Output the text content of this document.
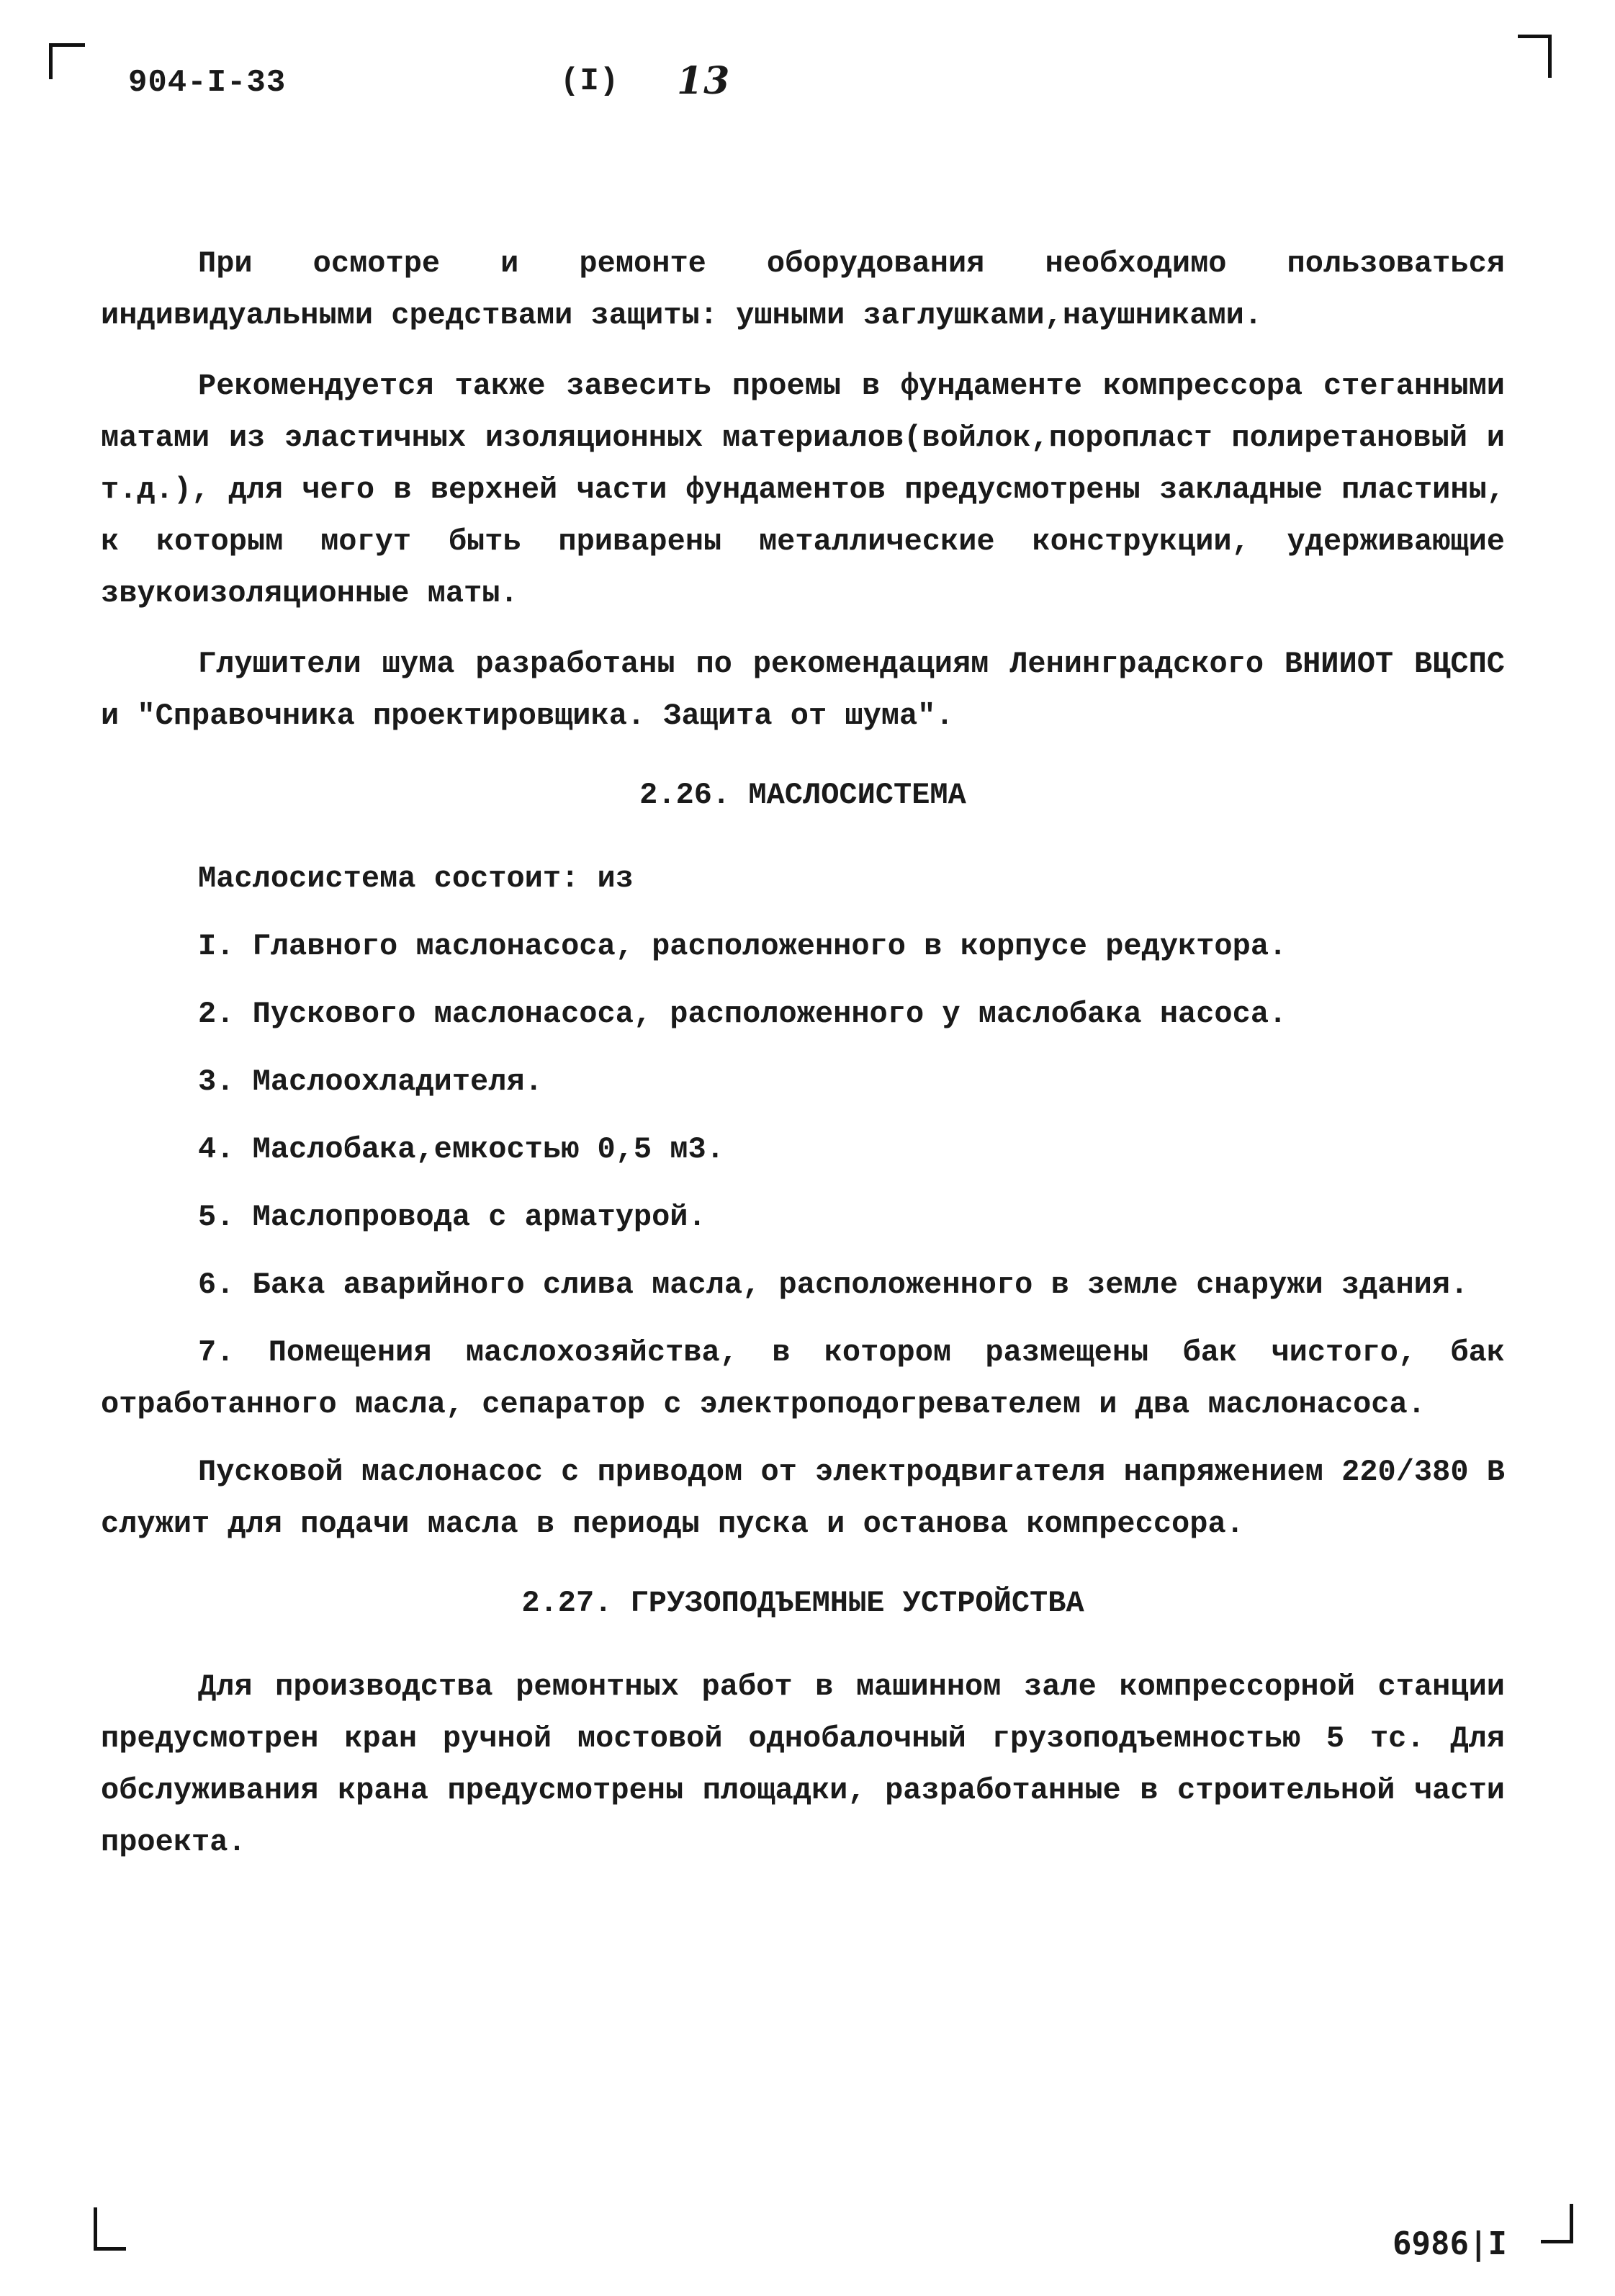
904-I-33	(I) 13

При осмотре и ремонте оборудования необходимо пользоваться индивидуальными средствами защиты: ушными заглушками,наушниками.

Рекомендуется также завесить проемы в фундаменте компрессора стеганными матами из эластичных изоляционных материалов(войлок,поропласт полиретановый и т.д.), для чего в верхней части фундаментов предусмотрены закладные пластины, к которым могут быть приварены металлические конструкции, удерживающие звукоизоляционные маты.

Глушители шума разработаны по рекомендациям Ленинградского ВНИИОТ ВЦСПС и "Справочника проектировщика. Защита от шума".

2.26. МАСЛОСИСТЕМА

Маслосистема состоит: из

I. Главного маслонасоса, расположенного в корпусе редуктора.

2. Пускового маслонасоса, расположенного у маслобака насоса.

3. Маслоохладителя.

4. Маслобака,емкостью 0,5 м3.

5. Маслопровода с арматурой.

6. Бака аварийного слива масла, расположенного в земле снаружи здания.

7. Помещения маслохозяйства, в котором размещены бак чистого, бак отработанного масла, сепаратор с электроподогревателем и два маслонасоса.

Пусковой маслонасос с приводом от электродвигателя напряжением 220/380 В служит для подачи масла в периоды пуска и останова компрессора.

2.27. ГРУЗОПОДЪЕМНЫЕ УСТРОЙСТВА

Для производства ремонтных работ в машинном зале компрессорной станции предусмотрен кран ручной мостовой однобалочный грузоподъемностью 5 тс. Для обслуживания крана предусмотрены площадки, разработанные в строительной части проекта.

6986|I
